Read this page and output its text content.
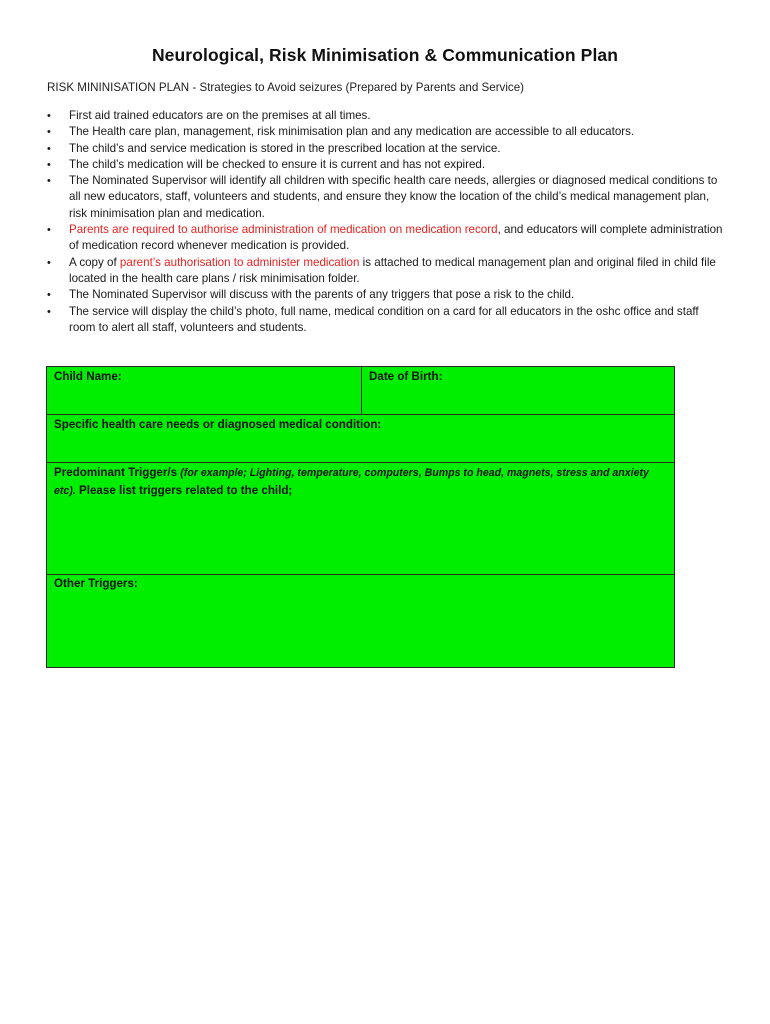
Neurological, Risk Minimisation & Communication Plan
RISK MININISATION PLAN - Strategies to Avoid seizures (Prepared by Parents and Service)
• First aid trained educators are on the premises at all times.
• The Health care plan, management, risk minimisation plan and any medication are accessible to all educators.
• The child’s and service medication is stored in the prescribed location at the service.
• The child’s medication will be checked to ensure it is current and has not expired.
• The Nominated Supervisor will identify all children with specific health care needs, allergies or diagnosed medical conditions to all new educators, staff, volunteers and students, and ensure they know the location of the child’s medical management plan, risk minimisation plan and medication.
• Parents are required to authorise administration of medication on medication record, and educators will complete administration of medication record whenever medication is provided.
• A copy of parent’s authorisation to administer medication is attached to medical management plan and original filed in child file located in the health care plans / risk minimisation folder.
• The Nominated Supervisor will discuss with the parents of any triggers that pose a risk to the child.
• The service will display the child’s photo, full name, medical condition on a card for all educators in the oshc office and staff room to alert all staff, volunteers and students.
Child Name:	Date of Birth:
Specific health care needs or diagnosed medical condition:
Predominant Trigger/s (for example; Lighting, temperature, computers, Bumps to head, magnets, stress and anxiety etc). Please list triggers related to the child;
Other Triggers:
